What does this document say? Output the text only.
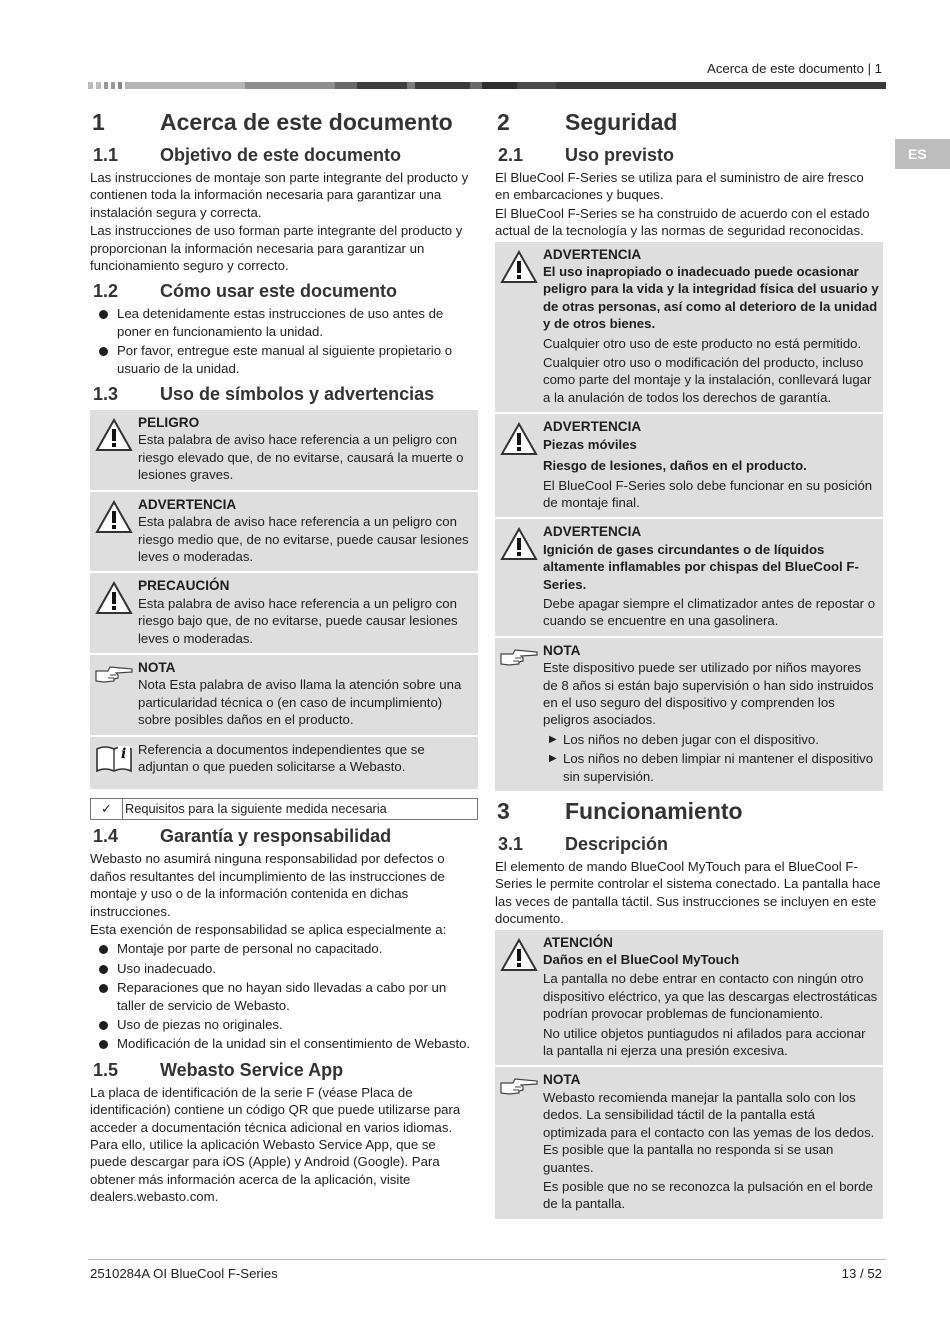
Acerca de este documento | 1
ES
1	Acerca de este documento
1.1	Objetivo de este documento

Las instrucciones de montaje son parte integrante del producto y contienen toda la información necesaria para garantizar una instalación segura y correcta.

Las instrucciones de uso forman parte integrante del producto y proporcionan la información necesaria para garantizar un funcionamiento seguro y correcto.

1.2	Cómo usar este documento
Lea detenidamente estas instrucciones de uso antes de poner en funcionamiento la unidad.
Por favor, entregue este manual al siguiente propietario o usuario de la unidad.
1.3	Uso de símbolos y advertencias
PELIGRO

Esta palabra de aviso hace referencia a un peligro con riesgo elevado que, de no evitarse, causará la muerte o lesiones graves.

ADVERTENCIA

Esta palabra de aviso hace referencia a un peligro con riesgo medio que, de no evitarse, puede causar lesiones leves o moderadas.

PRECAUCIÓN

Esta palabra de aviso hace referencia a un peligro con riesgo bajo que, de no evitarse, puede causar lesiones leves o moderadas.

NOTA

Nota Esta palabra de aviso llama la atención sobre una particularidad técnica o (en caso de incumplimiento) sobre posibles daños en el producto.

i Referencia a documentos independientes que se adjuntan o que pueden solicitarse a Webasto.

✓	Requisitos para la siguiente medida necesaria
1.4	Garantía y responsabilidad

Webasto no asumirá ninguna responsabilidad por defectos o daños resultantes del incumplimiento de las instrucciones de montaje y uso o de la información contenida en dichas instrucciones.

Esta exención de responsabilidad se aplica especialmente a:

Montaje por parte de personal no capacitado.
Uso inadecuado.
Reparaciones que no hayan sido llevadas a cabo por un taller de servicio de Webasto.
Uso de piezas no originales.
Modificación de la unidad sin el consentimiento de Webasto.
1.5	Webasto Service App

La placa de identificación de la serie F (véase Placa de identificación) contiene un código QR que puede utilizarse para acceder a documentación técnica adicional en varios idiomas. Para ello, utilice la aplicación Webasto Service App, que se puede descargar para iOS (Apple) y Android (Google). Para obtener más información acerca de la aplicación, visite dealers.webasto.com.

2	Seguridad
2.1	Uso previsto

El BlueCool F-Series se utiliza para el suministro de aire fresco en embarcaciones y buques.

El BlueCool F-Series se ha construido de acuerdo con el estado actual de la tecnología y las normas de seguridad reconocidas.

ADVERTENCIA

El uso inapropiado o inadecuado puede ocasionar peligro para la vida y la integridad física del usuario y de otras personas, así como al deterioro de la unidad y de otros bienes.

Cualquier otro uso de este producto no está permitido.

Cualquier otro uso o modificación del producto, incluso como parte del montaje y la instalación, conllevará lugar a la anulación de todos los derechos de garantía.

ADVERTENCIA

Piezas móviles

Riesgo de lesiones, daños en el producto.

El BlueCool F-Series solo debe funcionar en su posición de montaje final.

ADVERTENCIA

Ignición de gases circundantes o de líquidos altamente inflamables por chispas del BlueCool F-Series.

Debe apagar siempre el climatizador antes de repostar o cuando se encuentre en una gasolinera.

NOTA

Este dispositivo puede ser utilizado por niños mayores de 8 años si están bajo supervisión o han sido instruidos en el uso seguro del dispositivo y comprenden los peligros asociados.

▶ Los niños no deben jugar con el dispositivo.
▶ Los niños no deben limpiar ni mantener el dispositivo sin supervisión.
3	Funcionamiento
3.1	Descripción

El elemento de mando BlueCool MyTouch para el BlueCool F-Series le permite controlar el sistema conectado. La pantalla hace las veces de pantalla táctil. Sus instrucciones se incluyen en este documento.

ATENCIÓN

Daños en el BlueCool MyTouch

La pantalla no debe entrar en contacto con ningún otro dispositivo eléctrico, ya que las descargas electrostáticas podrían provocar problemas de funcionamiento.

No utilice objetos puntiagudos ni afilados para accionar la pantalla ni ejerza una presión excesiva.

NOTA

Webasto recomienda manejar la pantalla solo con los dedos. La sensibilidad táctil de la pantalla está optimizada para el contacto con las yemas de los dedos. Es posible que la pantalla no responda si se usan guantes.

Es posible que no se reconozca la pulsación en el borde de la pantalla.

2510284A OI BlueCool F-Series	13 / 52
